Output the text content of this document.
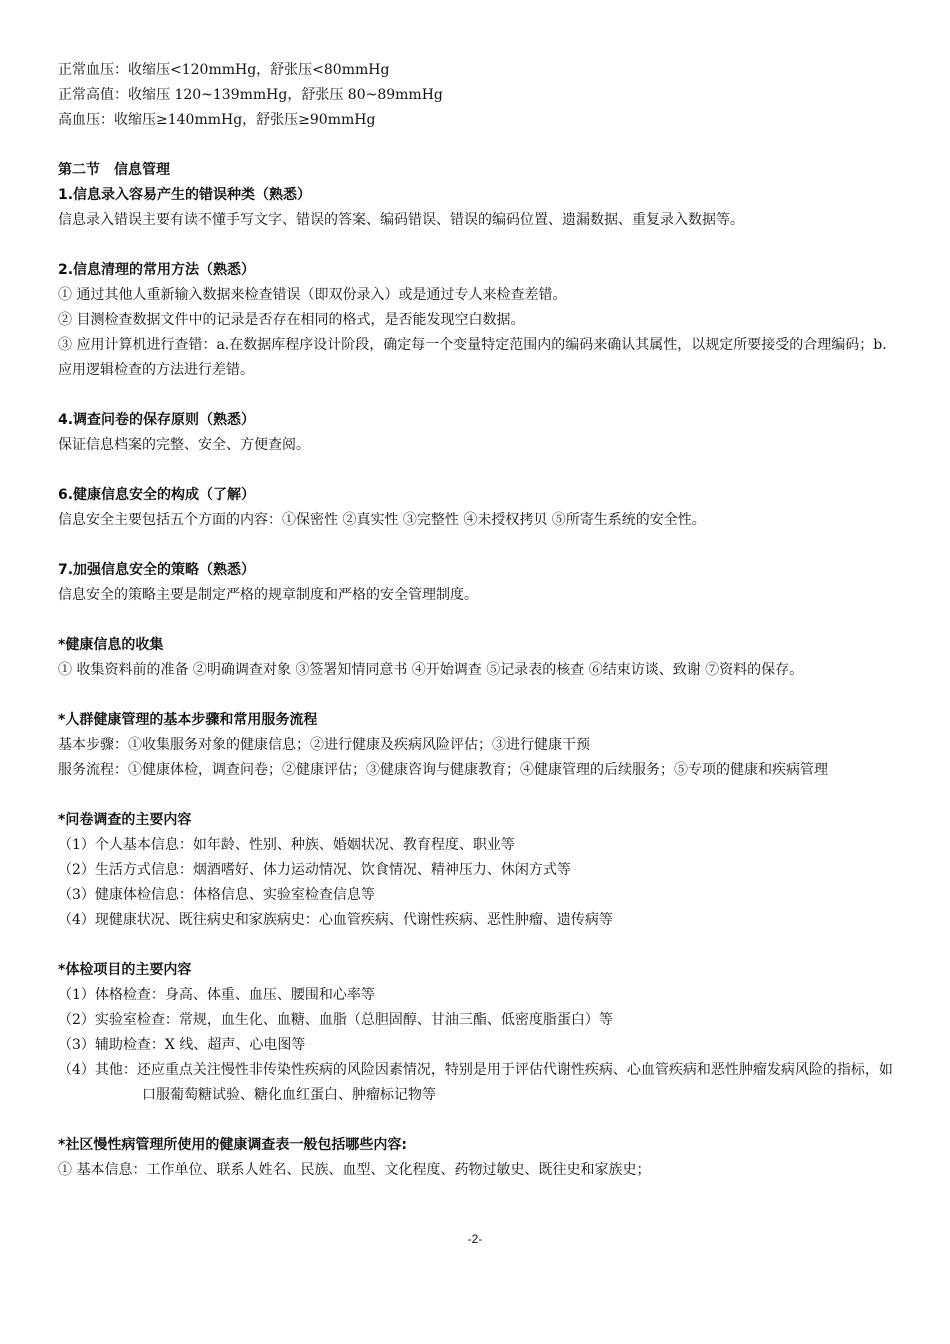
正常血压：收缩压<120mmHg，舒张压<80mmHg
正常高值：收缩压 120~139mmHg，舒张压 80~89mmHg
高血压：收缩压≥140mmHg，舒张压≥90mmHg
第二节　信息管理
1.信息录入容易产生的错误种类（熟悉）
信息录入错误主要有读不懂手写文字、错误的答案、编码错误、错误的编码位置、遗漏数据、重复录入数据等。
2.信息清理的常用方法（熟悉）
① 通过其他人重新输入数据来检查错误（即双份录入）或是通过专人来检查差错。
② 目测检查数据文件中的记录是否存在相同的格式，是否能发现空白数据。
③ 应用计算机进行查错：a.在数据库程序设计阶段，确定每一个变量特定范围内的编码来确认其属性，以规定所要接受的合理编码；b.应用逻辑检查的方法进行差错。
4.调查问卷的保存原则（熟悉）
保证信息档案的完整、安全、方便查阅。
6.健康信息安全的构成（了解）
信息安全主要包括五个方面的内容：①保密性 ②真实性 ③完整性 ④未授权拷贝 ⑤所寄生系统的安全性。
7.加强信息安全的策略（熟悉）
信息安全的策略主要是制定严格的规章制度和严格的安全管理制度。
*健康信息的收集
① 收集资料前的准备 ②明确调查对象 ③签署知情同意书 ④开始调查 ⑤记录表的核查 ⑥结束访谈、致谢 ⑦资料的保存。
*人群健康管理的基本步骤和常用服务流程
基本步骤：①收集服务对象的健康信息；②进行健康及疾病风险评估；③进行健康干预
服务流程：①健康体检，调查问卷；②健康评估；③健康咨询与健康教育；④健康管理的后续服务；⑤专项的健康和疾病管理
*问卷调查的主要内容
（1）个人基本信息：如年龄、性别、种族、婚姻状况、教育程度、职业等
（2）生活方式信息：烟酒嗜好、体力运动情况、饮食情况、精神压力、休闲方式等
（3）健康体检信息：体格信息、实验室检查信息等
（4）现健康状况、既往病史和家族病史：心血管疾病、代谢性疾病、恶性肿瘤、遗传病等
*体检项目的主要内容
（1）体格检查：身高、体重、血压、腰围和心率等
（2）实验室检查：常规，血生化、血糖、血脂（总胆固醇、甘油三酯、低密度脂蛋白）等
（3）辅助检查：X 线、超声、心电图等
（4）其他：还应重点关注慢性非传染性疾病的风险因素情况，特别是用于评估代谢性疾病、心血管疾病和恶性肿瘤发病风险的指标，如口服葡萄糖试验、糖化血红蛋白、肿瘤标记物等
*社区慢性病管理所使用的健康调查表一般包括哪些内容:
① 基本信息：工作单位、联系人姓名、民族、血型、文化程度、药物过敏史、既往史和家族史；
-2-
